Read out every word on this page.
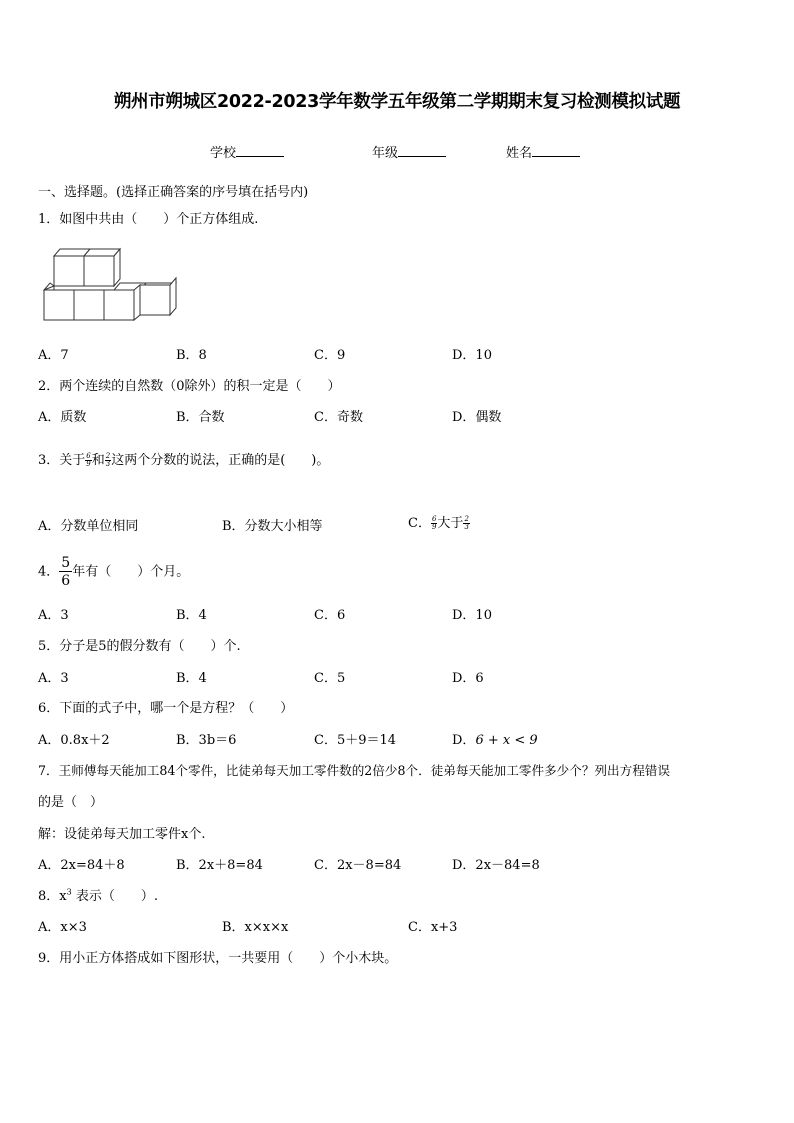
朔州市朔城区2022-2023学年数学五年级第二学期期末复习检测模拟试题
学校	年级	姓名
一、选择题。(选择正确答案的序号填在括号内)
1．如图中共由（　　）个正方体组成.
A．7	B．8	C．9	D．10
2．两个连续的自然数（0除外）的积一定是（　　）
A．质数	B．合数	C．奇数	D．偶数
3．关于 $\frac{6}{9}$ 和 $\frac{2}{3}$ 这两个分数的说法，正确的是(　　)。
A．分数单位相同	B．分数大小相等	C． $\frac{6}{9}$ 大于 $\frac{2}{3}$
4． $\frac{5}{6}$ 年有（　　）个月。
A．3	B．4	C．6	D．10
5．分子是5的假分数有（　　）个.
A．3	B．4	C．5	D．6
6．下面的式子中，哪一个是方程？（　　）
A．0.8x＋2	B．3b＝6	C．5＋9＝14	D．6 + x < 9
7．王师傅每天能加工84个零件，比徒弟每天加工零件数的2倍少8个．徒弟每天能加工零件多少个？列出方程错误
的是（　）
解：设徒弟每天加工零件x个.
A．2x=84＋8	B．2x＋8=84	C．2x－8=84	D．2x－84=8
8．$x^3$ 表示（　　）.
A．x×3	B．x×x×x	C．x+3
9．用小正方体搭成如下图形状，一共要用（　　）个小木块。
